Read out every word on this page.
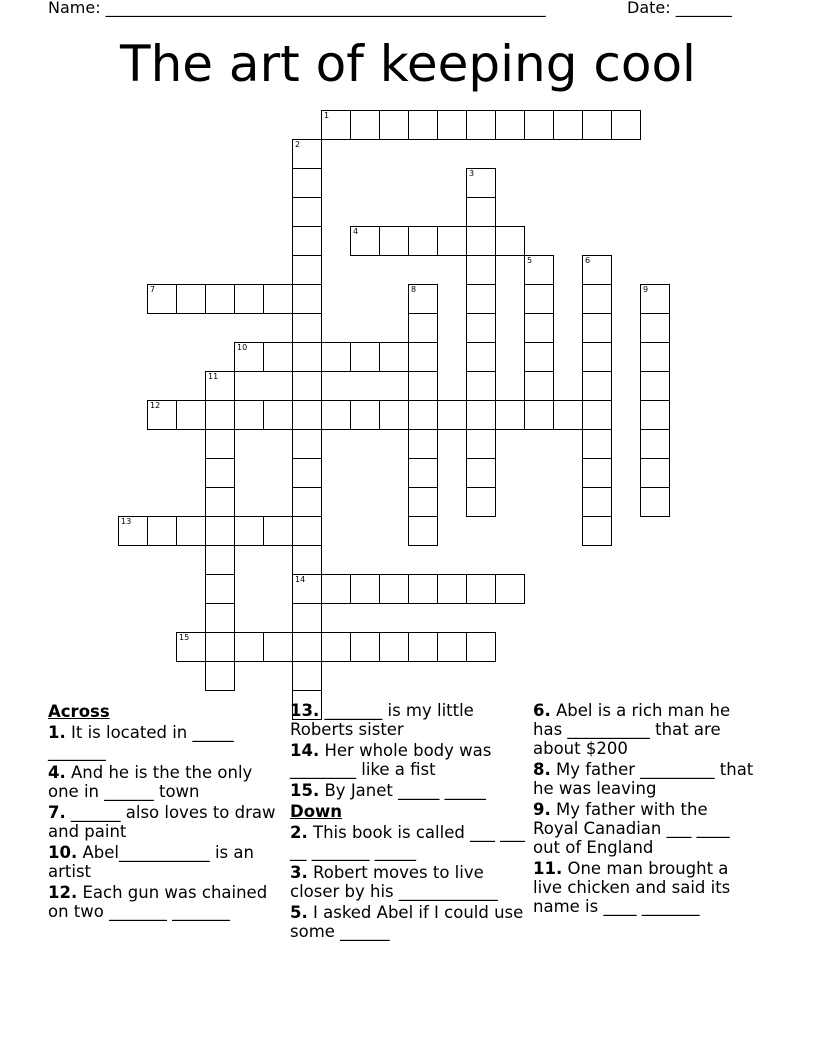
Name: _______________________________________________________	Date: _______
The art of keeping cool
1
2
14
3
4
5	6
7	8	9
10
11
12
13
15
Across
1. It is located in _____ _______
4. And he is the the only one in ______ town
7. ______ also loves to draw and paint
10. Abel___________ is an artist
12. Each gun was chained on two _______ _______
13. _______ is my little Roberts sister
14. Her whole body was ________ like a fist
15. By Janet _____ _____
Down
2. This book is called ___ ___ __ _______ _____
3. Robert moves to live closer by his ____________
5. I asked Abel if I could use some ______
6. Abel is a rich man he has __________ that are about $200
8. My father _________ that he was leaving
9. My father with the Royal Canadian ___ ____ out of England
11. One man brought a live chicken and said its name is ____ _______
